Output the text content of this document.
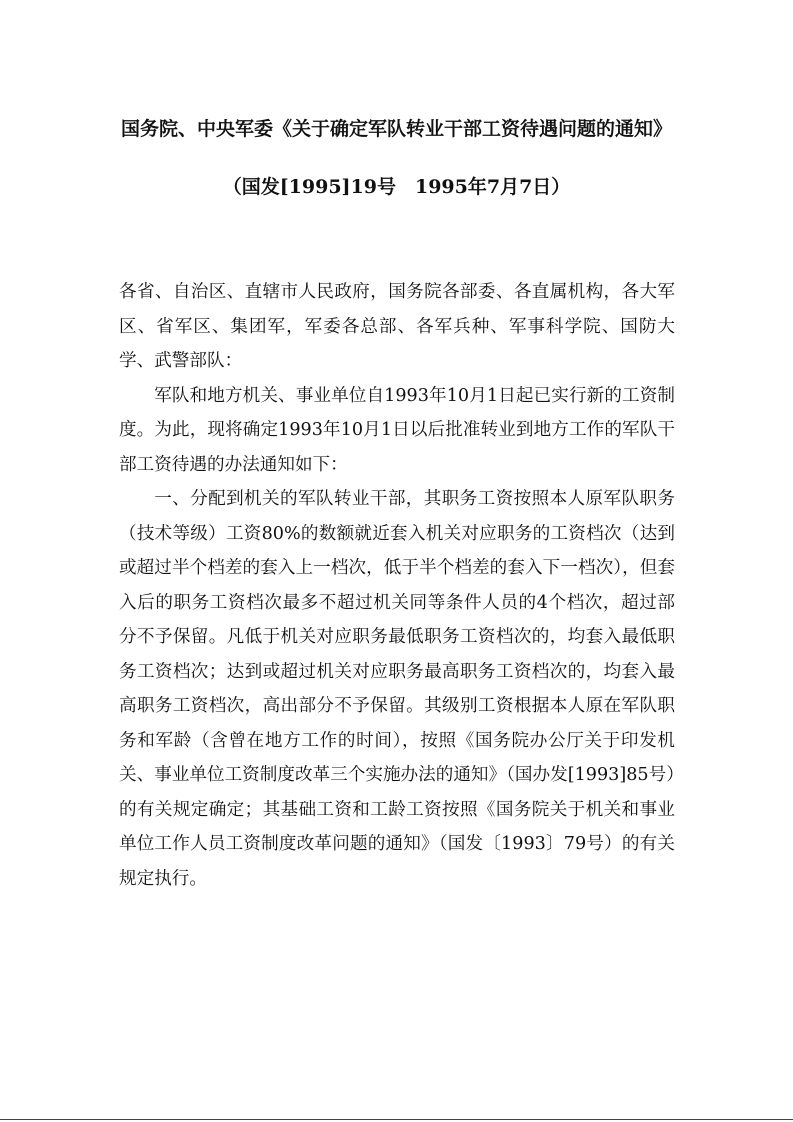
国务院、中央军委《关于确定军队转业干部工资待遇问题的通知》
（国发[1995]19号　1995年7月7日）

各省、自治区、直辖市人民政府，国务院各部委、各直属机构，各大军区、省军区、集团军，军委各总部、各军兵种、军事科学院、国防大学、武警部队：

军队和地方机关、事业单位自1993年10月1日起已实行新的工资制度。为此，现将确定1993年10月1日以后批准转业到地方工作的军队干部工资待遇的办法通知如下：

一、分配到机关的军队转业干部，其职务工资按照本人原军队职务（技术等级）工资80%的数额就近套入机关对应职务的工资档次（达到或超过半个档差的套入上一档次，低于半个档差的套入下一档次），但套入后的职务工资档次最多不超过机关同等条件人员的4个档次，超过部分不予保留。凡低于机关对应职务最低职务工资档次的，均套入最低职务工资档次；达到或超过机关对应职务最高职务工资档次的，均套入最高职务工资档次，高出部分不予保留。其级别工资根据本人原在军队职务和军龄（含曾在地方工作的时间），按照《国务院办公厅关于印发机关、事业单位工资制度改革三个实施办法的通知》（国办发[1993]85号）的有关规定确定；其基础工资和工龄工资按照《国务院关于机关和事业单位工作人员工资制度改革问题的通知》（国发〔1993〕79号）的有关规定执行。
